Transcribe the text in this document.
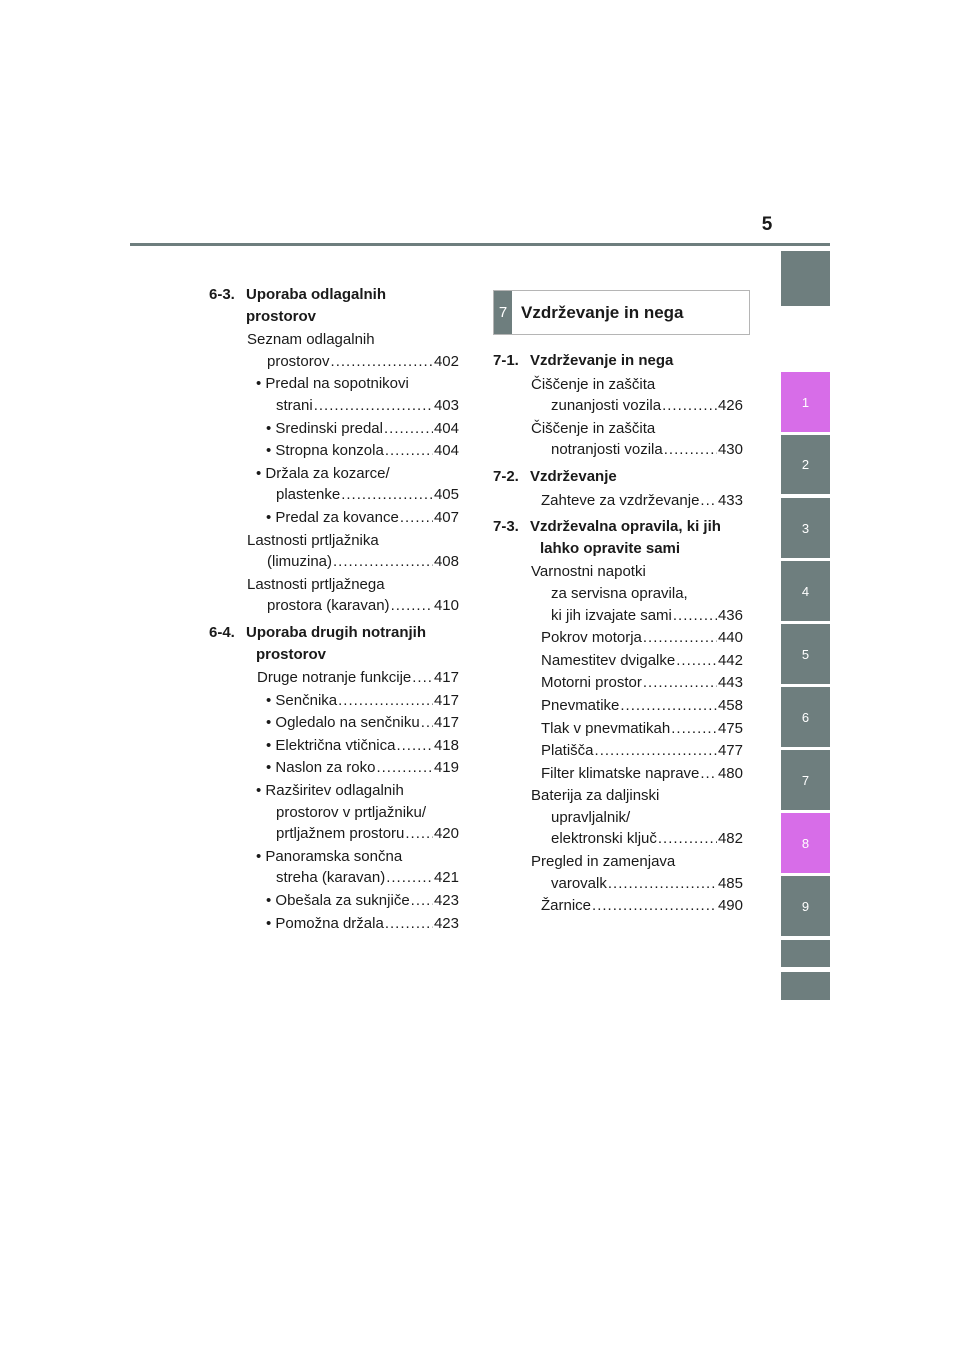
5
1
2
3
4
5
6
7
8
9
6-3. Uporaba odlagalnih prostorov
Seznam odlagalnih
prostorov .....	402
• Predal na sopotnikovi
strani .....	403
• Sredinski predal .....	404
• Stropna konzola .....	404
• Držala za kozarce/
plastenke .....	405
• Predal za kovance ..... 407
Lastnosti prtljažnika
(limuzina) .....	408
Lastnosti prtljažnega
prostora (karavan) .....	410
6-4. Uporaba drugih notranjih
prostorov
Druge notranje funkcije ..... 417
• Senčnika .....	417
• Ogledalo na senčniku ..... 417
• Električna vtičnica .....	418
• Naslon za roko .....	419
• Razširitev odlagalnih
prostorov v prtljažniku/
prtljažnem prostoru ..... 420
• Panoramska sončna
streha (karavan) .....	421
• Obešala za suknjiče ..... 423
• Pomožna držala .....	423
7 Vzdrževanje in nega
7-1. Vzdrževanje in nega
Čiščenje in zaščita
zunanjosti vozila .....	426
Čiščenje in zaščita
notranjosti vozila .....	430
7-2. Vzdrževanje
Zahteve za vzdrževanje ..... 433
7-3. Vzdrževalna opravila, ki jih
lahko opravite sami
Varnostni napotki
za servisna opravila,
ki jih izvajate sami .....	436
Pokrov motorja .....	440
Namestitev dvigalke .....	442
Motorni prostor .....	443
Pnevmatike .....	458
Tlak v pnevmatikah .....	475
Platišča .....	477
Filter klimatske naprave ..... 480
Baterija za daljinski
upravljalnik/
elektronski ključ .....	482
Pregled in zamenjava
varovalk .....	485
Žarnice .....	490
